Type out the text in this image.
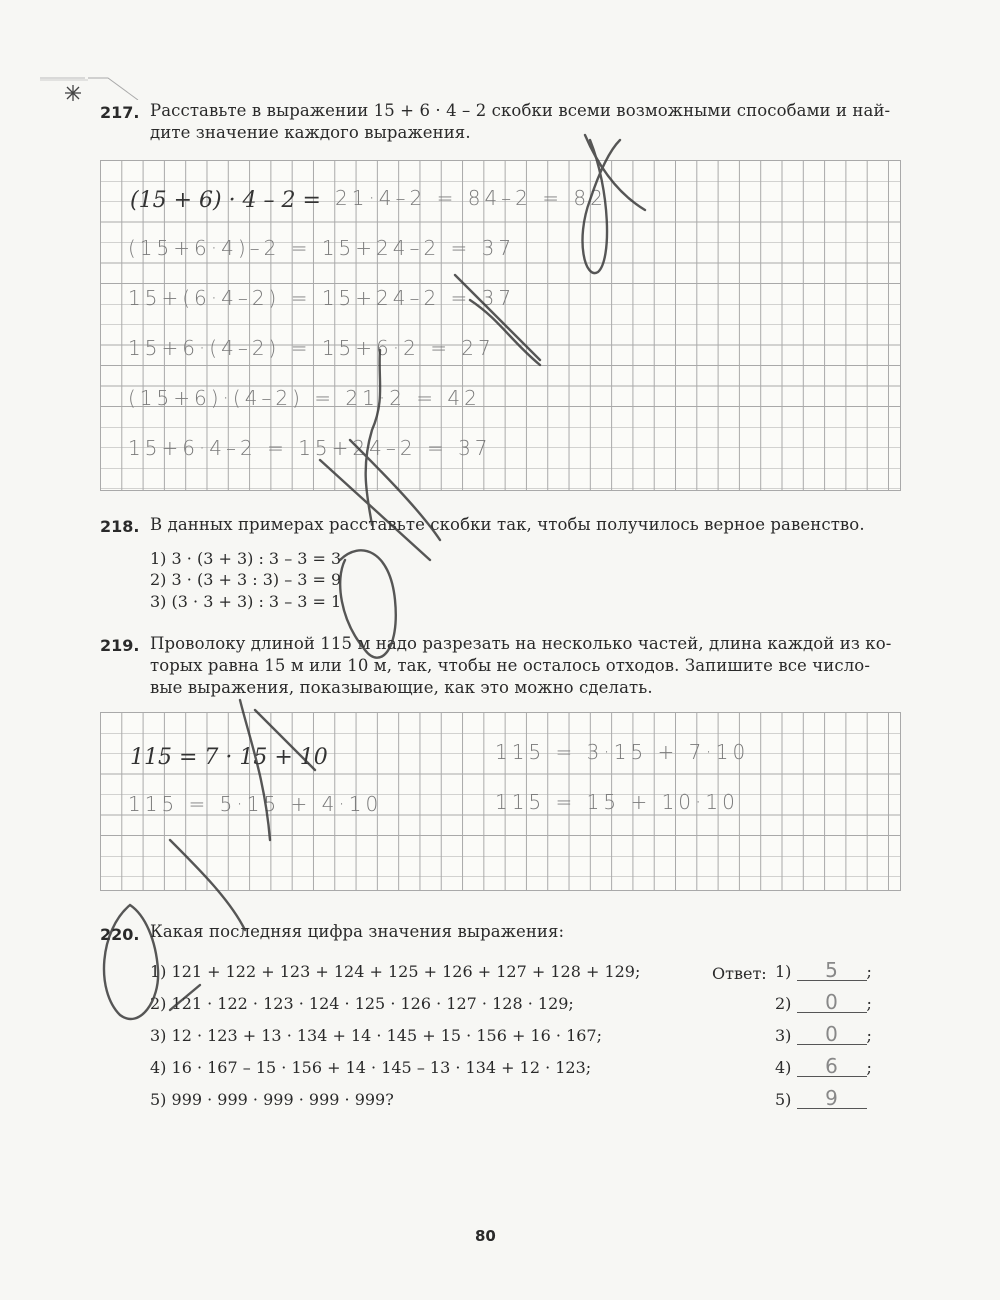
217. Расставьте в выражении 15 + 6 · 4 – 2 скобки всеми возможными способами и най-
дите значение каждого выражения.
(15 + 6) · 4 – 2 = 21·4–2 = 84–2 = 82
(15+6·4)–2 = 15+24–2 = 37
15+(6·4–2) = 15+24–2 = 37
15+6·(4–2) = 15+6·2 = 27
(15+6)·(4–2) = 21·2 = 42
15+6·4–2 = 15+24–2 = 37
218. В данных примерах расставьте скобки так, чтобы получилось верное равенство.
1) 3 · (3 + 3) : 3 – 3 = 3
2) 3 · (3 + 3 : 3) – 3 = 9
3) (3 · 3 + 3) : 3 – 3 = 1
219. Проволоку длиной 115 м надо разрезать на несколько частей, длина каждой из ко-
торых равна 15 м или 10 м, так, чтобы не осталось отходов. Запишите все число-
вые выражения, показывающие, как это можно сделать.
115 = 7 · 15 + 10
115 = 5·15 + 4·10
115 = 3·15 + 7·10
115 = 15 + 10·10
220. Какая последняя цифра значения выражения:
1) 121 + 122 + 123 + 124 + 125 + 126 + 127 + 128 + 129;
2) 121 · 122 · 123 · 124 · 125 · 126 · 127 · 128 · 129;
3) 12 · 123 + 13 · 134 + 14 · 145 + 15 · 156 + 16 · 167;
4) 16 · 167 – 15 · 156 + 14 · 145 – 13 · 134 + 12 · 123;
5) 999 · 999 · 999 · 999 · 999?
Ответ: 1) 5 ;
2) 0 ;
3) 0 ;
4) 6 ;
5) 9
80
